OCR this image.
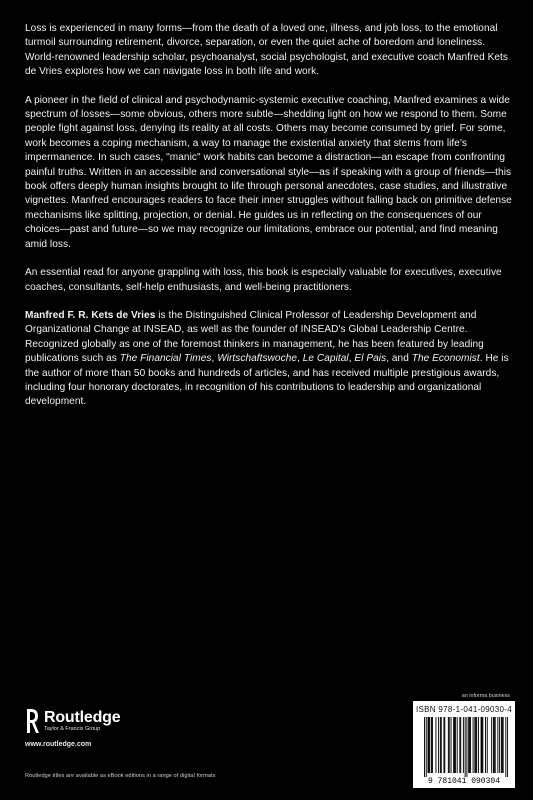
Loss is experienced in many forms—from the death of a loved one, illness, and job loss, to the emotional turmoil surrounding retirement, divorce, separation, or even the quiet ache of boredom and loneliness. World-renowned leadership scholar, psychoanalyst, social psychologist, and executive coach Manfred Kets de Vries explores how we can navigate loss in both life and work.

A pioneer in the field of clinical and psychodynamic-systemic executive coaching, Manfred examines a wide spectrum of losses—some obvious, others more subtle—shedding light on how we respond to them. Some people fight against loss, denying its reality at all costs. Others may become consumed by grief. For some, work becomes a coping mechanism, a way to manage the existential anxiety that stems from life's impermanence. In such cases, "manic" work habits can become a distraction—an escape from confronting painful truths. Written in an accessible and conversational style—as if speaking with a group of friends—this book offers deeply human insights brought to life through personal anecdotes, case studies, and illustrative vignettes. Manfred encourages readers to face their inner struggles without falling back on primitive defense mechanisms like splitting, projection, or denial. He guides us in reflecting on the consequences of our choices—past and future—so we may recognize our limitations, embrace our potential, and find meaning amid loss.

An essential read for anyone grappling with loss, this book is especially valuable for executives, executive coaches, consultants, self-help enthusiasts, and well-being practitioners.

Manfred F. R. Kets de Vries is the Distinguished Clinical Professor of Leadership Development and Organizational Change at INSEAD, as well as the founder of INSEAD's Global Leadership Centre. Recognized globally as one of the foremost thinkers in management, he has been featured by leading publications such as The Financial Times, Wirtschaftswoche, Le Capital, El Pais, and The Economist. He is the author of more than 50 books and hundreds of articles, and has received multiple prestigious awards, including four honorary doctorates, in recognition of his contributions to leadership and organizational development.

Routledge
Taylor & Francis Group
www.routledge.com
Routledge titles are available as eBook editions in a range of digital formats
an informa business
ISBN 978-1-041-09030-4
9 781041 090304
